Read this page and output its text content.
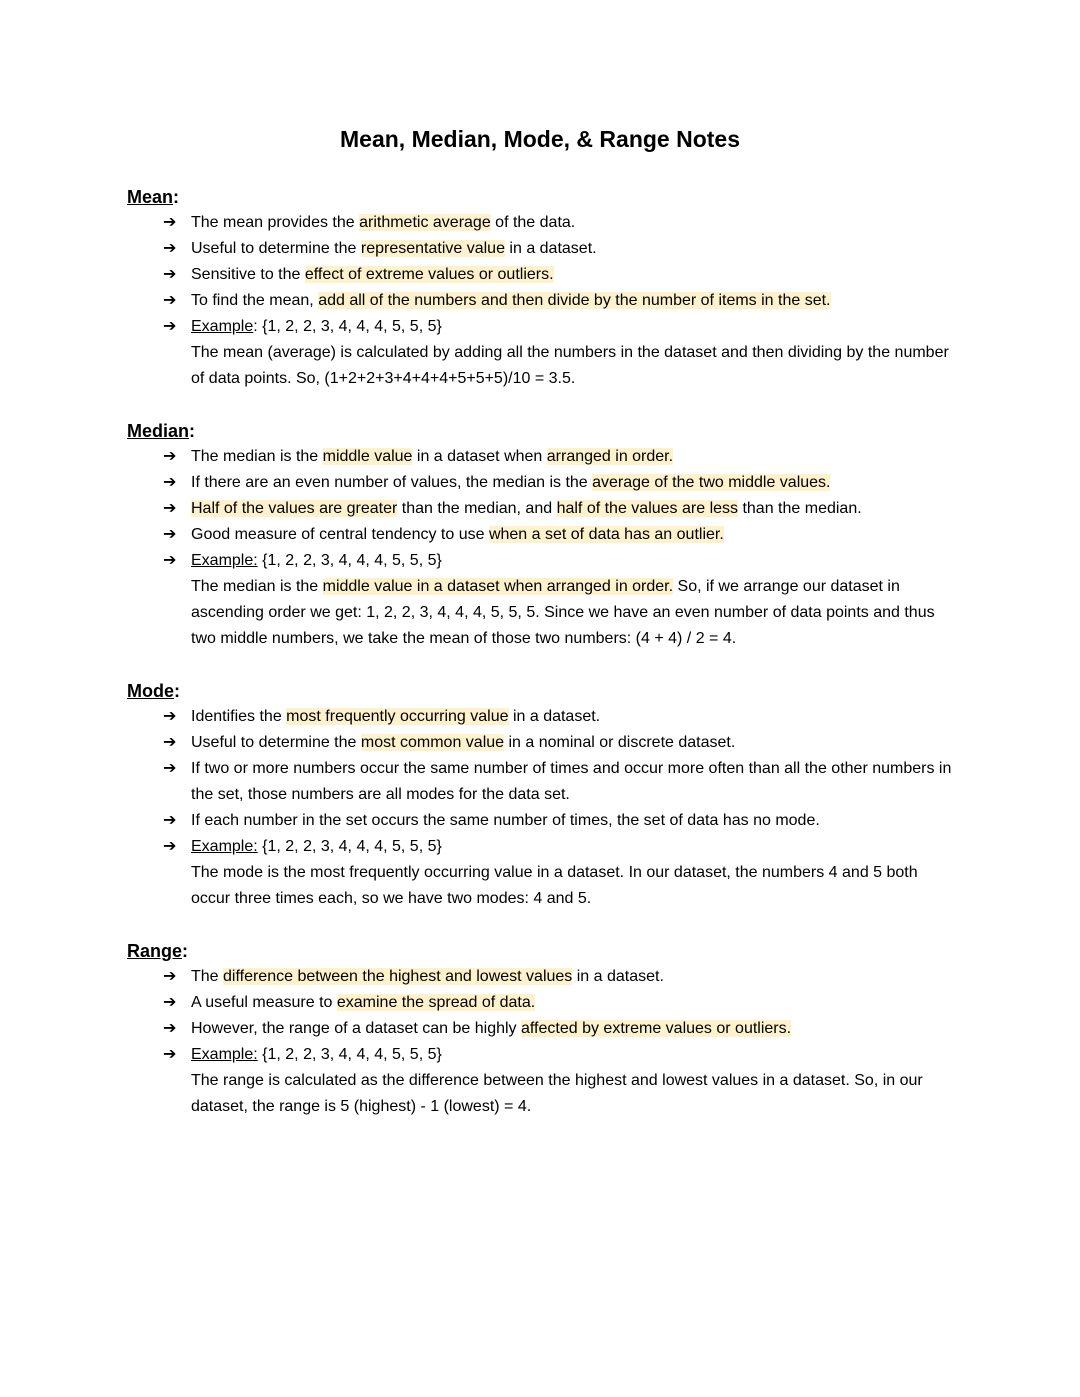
Mean, Median, Mode, & Range Notes
Mean:
➔ The mean provides the arithmetic average of the data.

➔ Useful to determine the representative value in a dataset.

➔ Sensitive to the effect of extreme values or outliers.

➔ To find the mean, add all of the numbers and then divide by the number of items in the set.

➔ Example: {1, 2, 2, 3, 4, 4, 4, 5, 5, 5}

The mean (average) is calculated by adding all the numbers in the dataset and then dividing by the number of data points. So, (1+2+2+3+4+4+4+5+5+5)/10 = 3.5.

Median:
➔ The median is the middle value in a dataset when arranged in order.

➔ If there are an even number of values, the median is the average of the two middle values.

➔ Half of the values are greater than the median, and half of the values are less than the median.

➔ Good measure of central tendency to use when a set of data has an outlier.

➔ Example: {1, 2, 2, 3, 4, 4, 4, 5, 5, 5}

The median is the middle value in a dataset when arranged in order. So, if we arrange our dataset in ascending order we get: 1, 2, 2, 3, 4, 4, 4, 5, 5, 5. Since we have an even number of data points and thus two middle numbers, we take the mean of those two numbers: (4 + 4) / 2 = 4.

Mode:
➔ Identifies the most frequently occurring value in a dataset.

➔ Useful to determine the most common value in a nominal or discrete dataset.

➔ If two or more numbers occur the same number of times and occur more often than all the other numbers in the set, those numbers are all modes for the data set.

➔ If each number in the set occurs the same number of times, the set of data has no mode.

➔ Example: {1, 2, 2, 3, 4, 4, 4, 5, 5, 5}

The mode is the most frequently occurring value in a dataset. In our dataset, the numbers 4 and 5 both occur three times each, so we have two modes: 4 and 5.

Range:
➔ The difference between the highest and lowest values in a dataset.

➔ A useful measure to examine the spread of data.

➔ However, the range of a dataset can be highly affected by extreme values or outliers.

➔ Example: {1, 2, 2, 3, 4, 4, 4, 5, 5, 5}

The range is calculated as the difference between the highest and lowest values in a dataset. So, in our dataset, the range is 5 (highest) - 1 (lowest) = 4.
